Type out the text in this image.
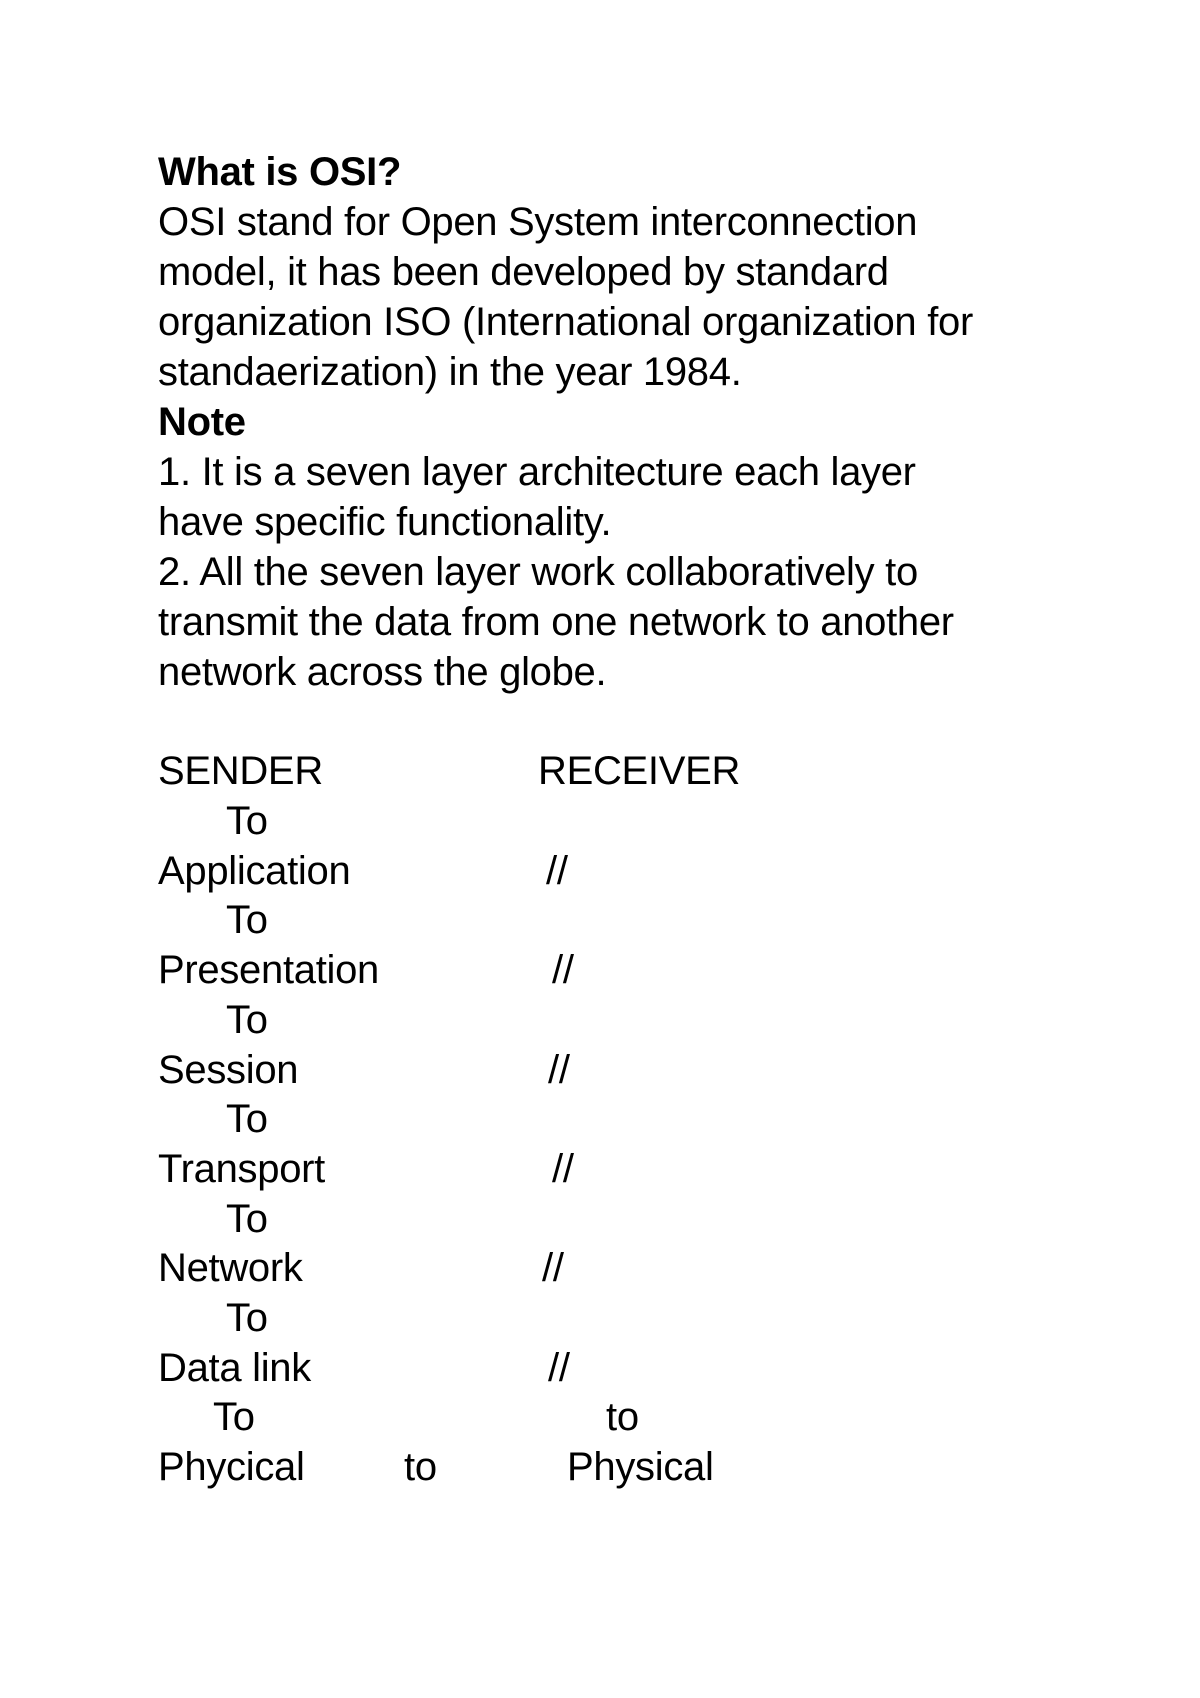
What is OSI?
OSI stand for Open System interconnection
model, it has been developed by standard
organization ISO (International organization for
standaerization) in the year 1984.
Note
1. It is a seven layer architecture each layer
have specific functionality.
2. All the seven layer work collaboratively to
transmit the data from one network to another
network across the globe.
SENDER	RECEIVER
To
Application	//
To
Presentation	//
To
Session	//
To
Transport	//
To
Network	//
To
Data link	//
To	to
Phycical to	Physical
